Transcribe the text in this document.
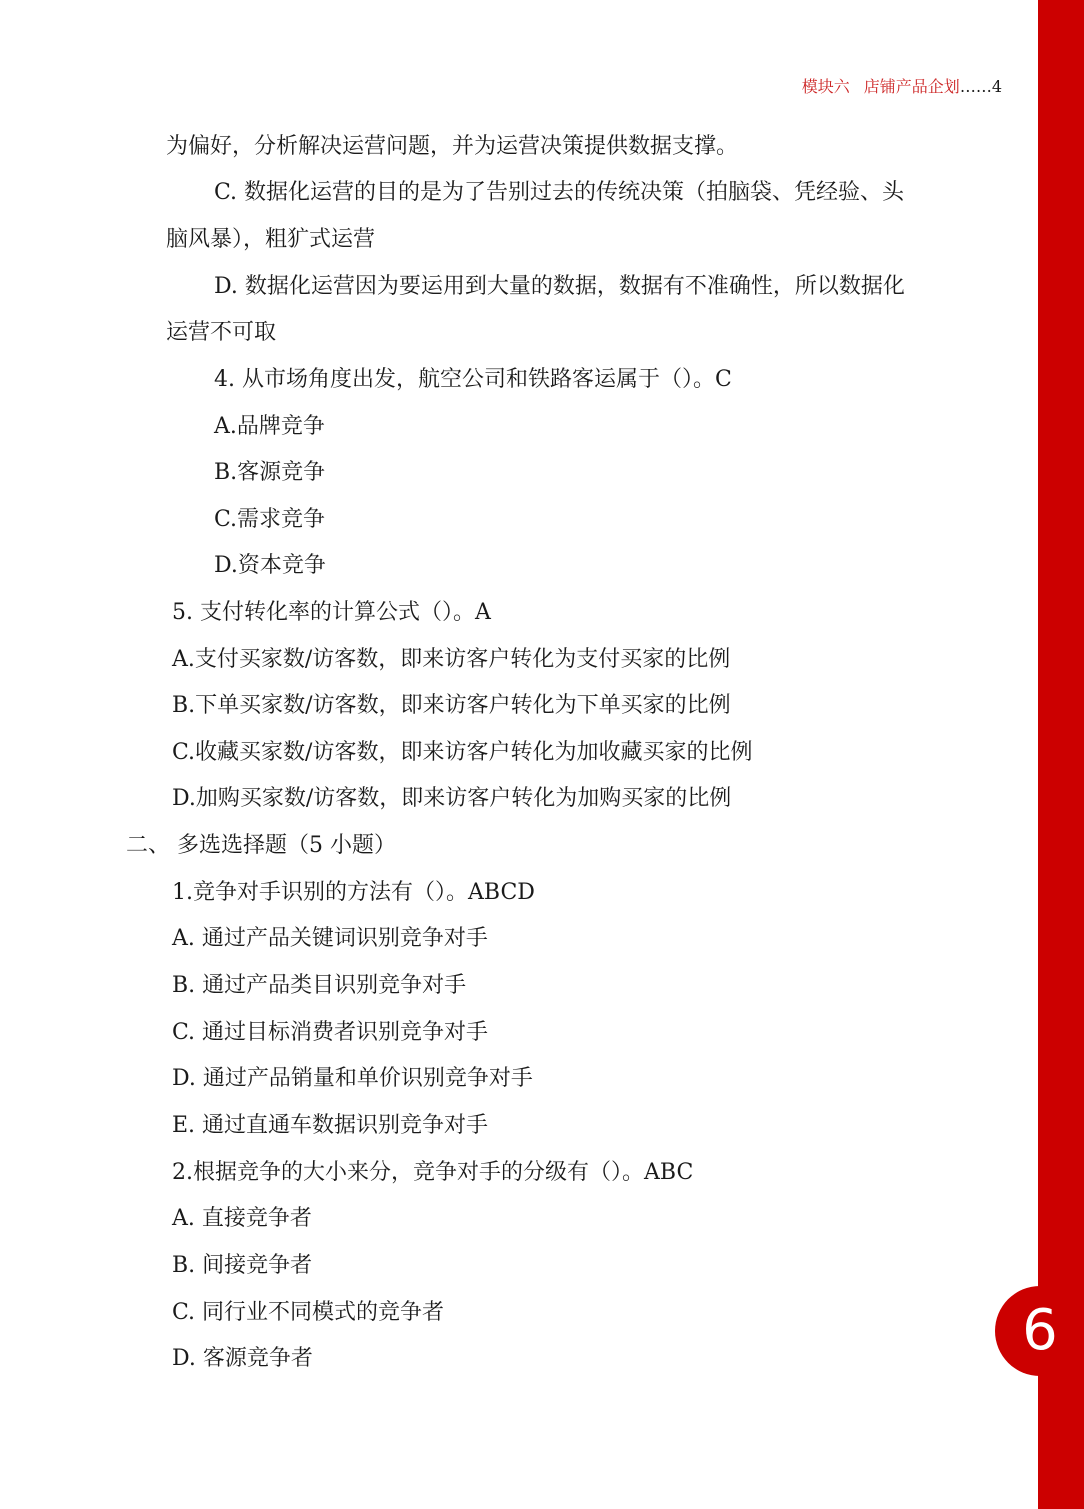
6
模块六 店铺产品企划……4
为偏好，分析解决运营问题，并为运营决策提供数据支撑。
C. 数据化运营的目的是为了告别过去的传统决策（拍脑袋、凭经验、头
脑风暴），粗犷式运营
D. 数据化运营因为要运用到大量的数据，数据有不准确性，所以数据化
运营不可取
4. 从市场角度出发，航空公司和铁路客运属于（）。C
A.品牌竞争
B.客源竞争
C.需求竞争
D.资本竞争
5. 支付转化率的计算公式（）。A
A.支付买家数/访客数，即来访客户转化为支付买家的比例
B.下单买家数/访客数，即来访客户转化为下单买家的比例
C.收藏买家数/访客数，即来访客户转化为加收藏买家的比例
D.加购买家数/访客数，即来访客户转化为加购买家的比例
二、 多选选择题（5 小题）
1.竞争对手识别的方法有（）。ABCD
A. 通过产品关键词识别竞争对手
B. 通过产品类目识别竞争对手
C. 通过目标消费者识别竞争对手
D. 通过产品销量和单价识别竞争对手
E. 通过直通车数据识别竞争对手
2.根据竞争的大小来分，竞争对手的分级有（）。ABC
A. 直接竞争者
B. 间接竞争者
C. 同行业不同模式的竞争者
D. 客源竞争者
